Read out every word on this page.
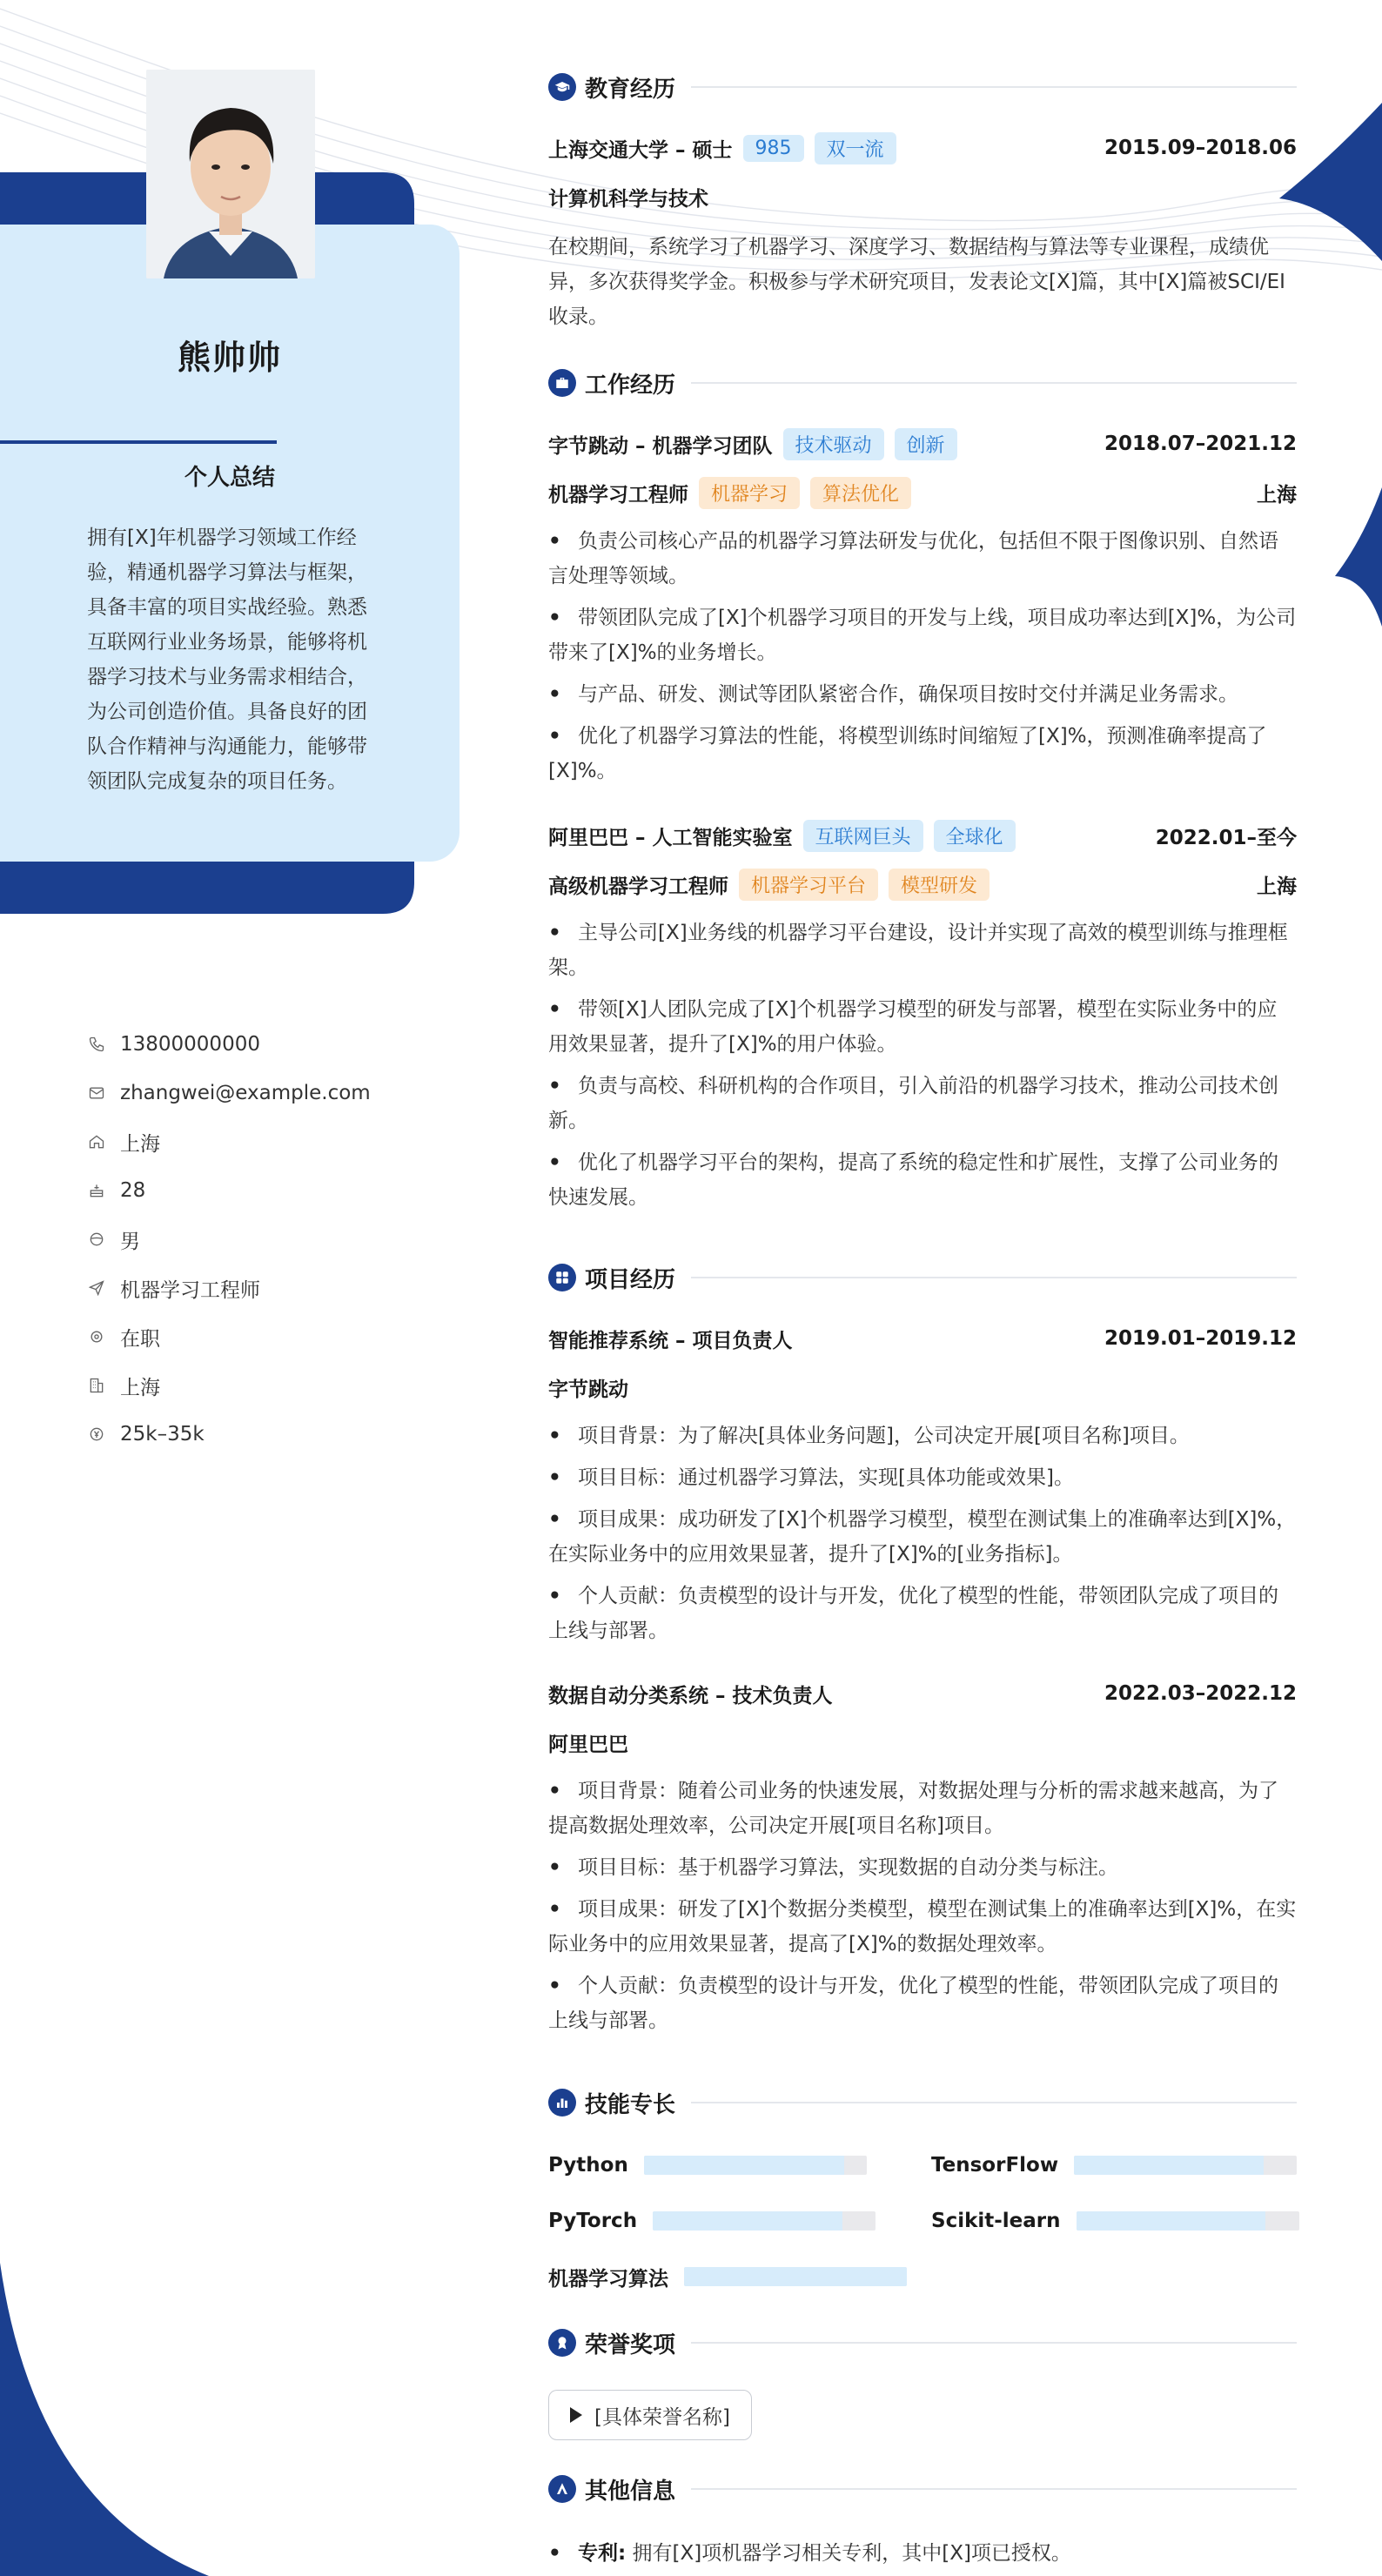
熊帅帅
个人总结
拥有[X]年机器学习领域工作经验，精通机器学习算法与框架，具备丰富的项目实战经验。熟悉互联网行业业务场景，能够将机器学习技术与业务需求相结合，为公司创造价值。具备良好的团队合作精神与沟通能力，能够带领团队完成复杂的项目任务。
13800000000
zhangwei@example.com
上海
28
男
机器学习工程师
在职
上海
25k–35k
教育经历
上海交通大学 – 硕士	985	双一流	2015.09–2018.06
计算机科学与技术
在校期间，系统学习了机器学习、深度学习、数据结构与算法等专业课程，成绩优异，多次获得奖学金。积极参与学术研究项目，发表论文[X]篇，其中[X]篇被SCI/EI收录。
工作经历
字节跳动 – 机器学习团队	技术驱动	创新	2018.07–2021.12
机器学习工程师	机器学习	算法优化	上海
• 负责公司核心产品的机器学习算法研发与优化，包括但不限于图像识别、自然语言处理等领域。
• 带领团队完成了[X]个机器学习项目的开发与上线，项目成功率达到[X]%，为公司带来了[X]%的业务增长。
• 与产品、研发、测试等团队紧密合作，确保项目按时交付并满足业务需求。
• 优化了机器学习算法的性能，将模型训练时间缩短了[X]%，预测准确率提高了[X]%。
阿里巴巴 – 人工智能实验室	互联网巨头	全球化	2022.01–至今
高级机器学习工程师	机器学习平台	模型研发	上海
• 主导公司[X]业务线的机器学习平台建设，设计并实现了高效的模型训练与推理框架。
• 带领[X]人团队完成了[X]个机器学习模型的研发与部署，模型在实际业务中的应用效果显著，提升了[X]%的用户体验。
• 负责与高校、科研机构的合作项目，引入前沿的机器学习技术，推动公司技术创新。
• 优化了机器学习平台的架构，提高了系统的稳定性和扩展性，支撑了公司业务的快速发展。
项目经历
智能推荐系统 – 项目负责人	2019.01–2019.12
字节跳动
• 项目背景：为了解决[具体业务问题]，公司决定开展[项目名称]项目。
• 项目目标：通过机器学习算法，实现[具体功能或效果]。
• 项目成果：成功研发了[X]个机器学习模型，模型在测试集上的准确率达到[X]%，在实际业务中的应用效果显著，提升了[X]%的[业务指标]。
• 个人贡献：负责模型的设计与开发，优化了模型的性能，带领团队完成了项目的上线与部署。
数据自动分类系统 – 技术负责人	2022.03–2022.12
阿里巴巴
• 项目背景：随着公司业务的快速发展，对数据处理与分析的需求越来越高，为了提高数据处理效率，公司决定开展[项目名称]项目。
• 项目目标：基于机器学习算法，实现数据的自动分类与标注。
• 项目成果：研发了[X]个数据分类模型，模型在测试集上的准确率达到[X]%，在实际业务中的应用效果显著，提高了[X]%的数据处理效率。
• 个人贡献：负责模型的设计与开发，优化了模型的性能，带领团队完成了项目的上线与部署。
技能专长
Python	TensorFlow
PyTorch	Scikit-learn
机器学习算法
荣誉奖项
[具体荣誉名称]
其他信息
• 专利: 拥有[X]项机器学习相关专利，其中[X]项已授权。
